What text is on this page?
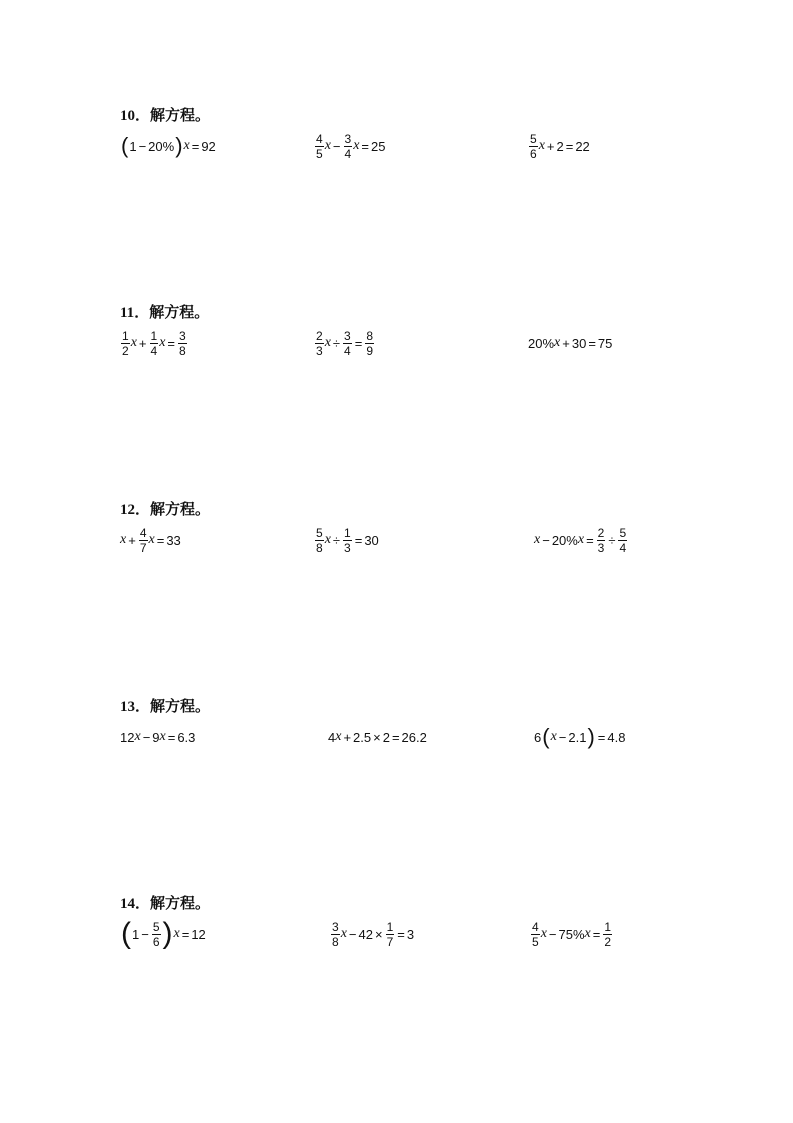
10．解方程。
( 1 − 20% ) x = 92	$\frac{4}{5}$ $x - \frac{3}{4}$ x = 25	$\frac{5}{6}$ x + 2 = 22
11．解方程。
$\frac{1}{2}$ $x + \frac{1}{4}$ $x = \frac{3}{8}$	$\frac{2}{3}$ $x \div \frac{3}{4} = \frac{8}{9}$	20% x + 30 = 75
12．解方程。
$x + \frac{4}{7}$ x = 33	$\frac{5}{8}$ $x \div \frac{1}{3} = 30$	x − 20% $x = \frac{2}{3} \div \frac{5}{4}$
13．解方程。
12 x − 9 x = 6.3	4 x + 2.5 × 2 = 26.2	6 ( x − 2.1 ) = 4.8
14．解方程。
( $1 - \frac{5}{6}$ ) x = 12	$\frac{3}{8}$ $x - 42 \times \frac{1}{7} = 3$	$\frac{4}{5}$ x − 75% $x = \frac{1}{2}$
